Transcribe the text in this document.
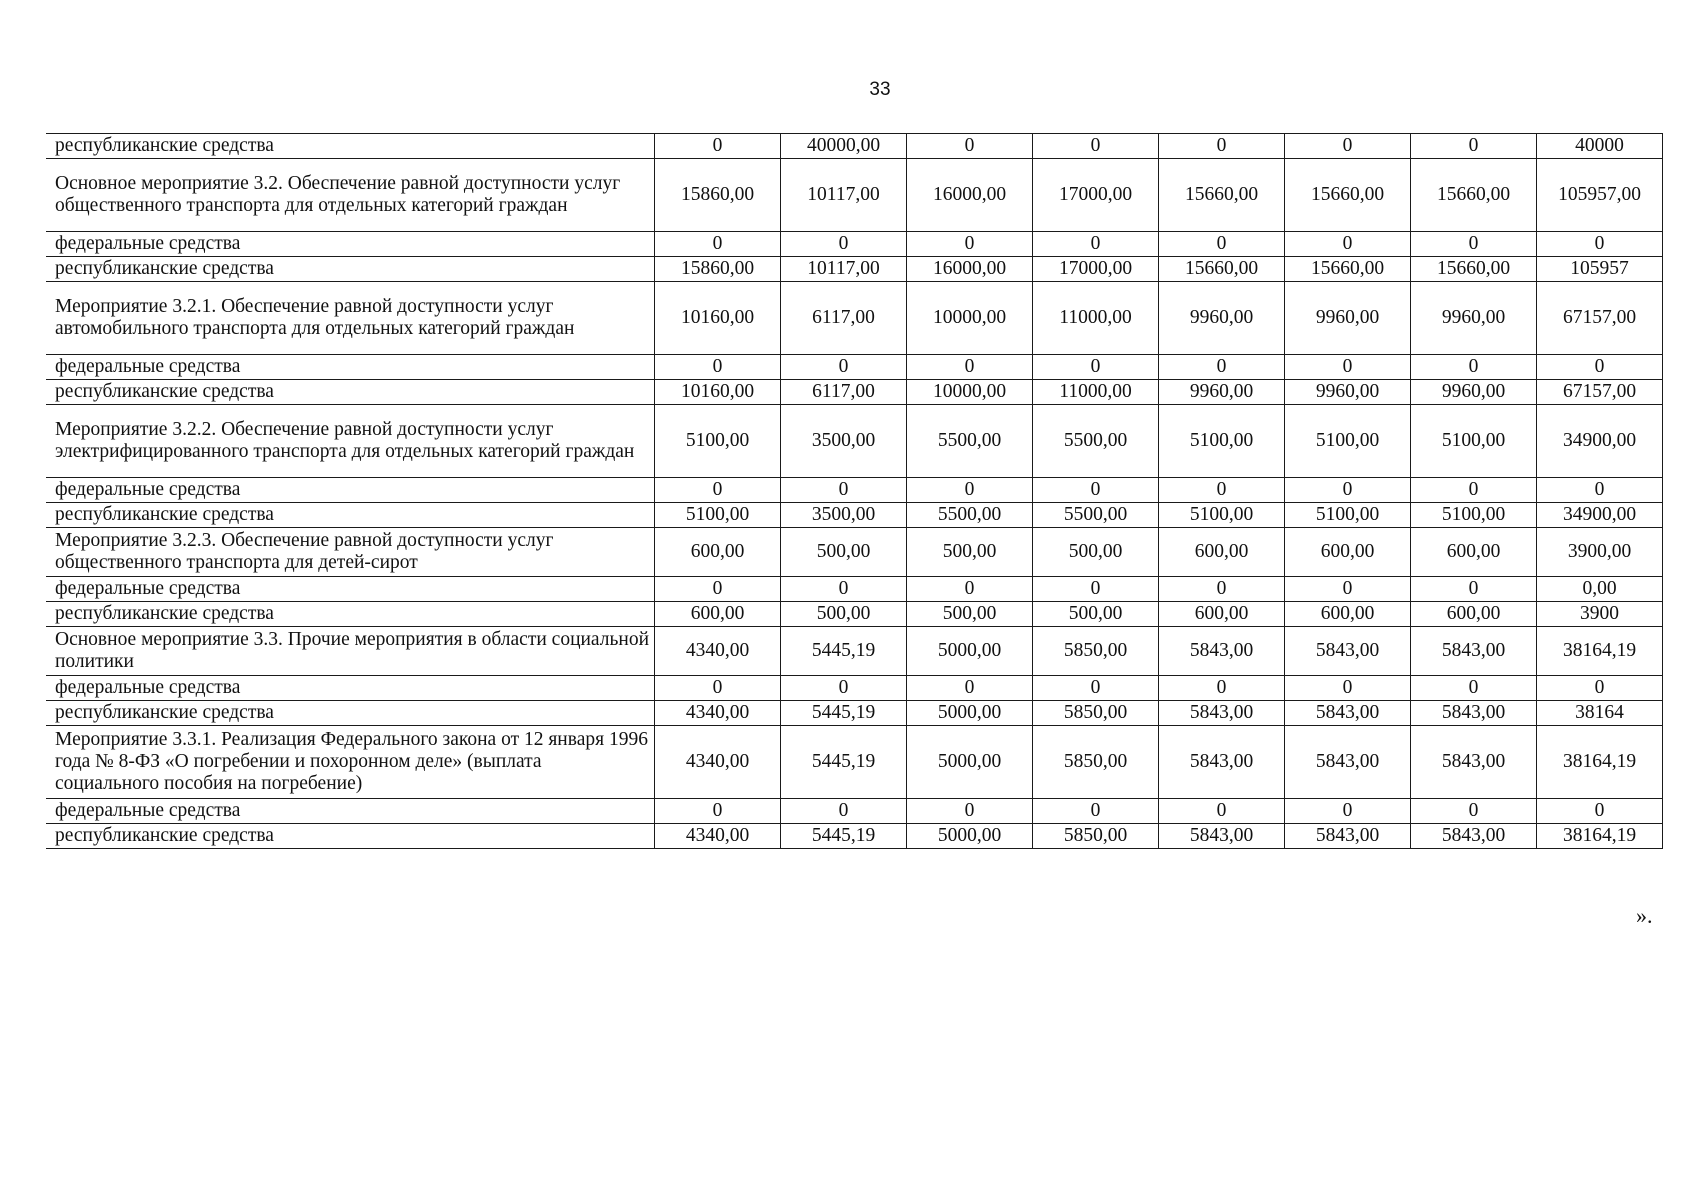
33
республиканские средства	0	40000,00	0	0	0	0	0	40000
Основное мероприятие 3.2. Обеспечение равной доступности услуг общественного транспорта для отдельных категорий граждан	15860,00	10117,00	16000,00	17000,00	15660,00	15660,00	15660,00	105957,00
федеральные средства	0	0	0	0	0	0	0	0
республиканские средства	15860,00	10117,00	16000,00	17000,00	15660,00	15660,00	15660,00	105957
Мероприятие 3.2.1. Обеспечение равной доступности услуг автомобильного транспорта для отдельных категорий граждан	10160,00	6117,00	10000,00	11000,00	9960,00	9960,00	9960,00	67157,00
федеральные средства	0	0	0	0	0	0	0	0
республиканские средства	10160,00	6117,00	10000,00	11000,00	9960,00	9960,00	9960,00	67157,00
Мероприятие 3.2.2. Обеспечение равной доступности услуг электрифицированного транспорта для отдельных категорий граждан	5100,00	3500,00	5500,00	5500,00	5100,00	5100,00	5100,00	34900,00
федеральные средства	0	0	0	0	0	0	0	0
республиканские средства	5100,00	3500,00	5500,00	5500,00	5100,00	5100,00	5100,00	34900,00
Мероприятие 3.2.3. Обеспечение равной доступности услуг общественного транспорта для детей-сирот	600,00	500,00	500,00	500,00	600,00	600,00	600,00	3900,00
федеральные средства	0	0	0	0	0	0	0	0,00
республиканские средства	600,00	500,00	500,00	500,00	600,00	600,00	600,00	3900
Основное мероприятие 3.3. Прочие мероприятия в области социальной политики	4340,00	5445,19	5000,00	5850,00	5843,00	5843,00	5843,00	38164,19
федеральные средства	0	0	0	0	0	0	0	0
республиканские средства	4340,00	5445,19	5000,00	5850,00	5843,00	5843,00	5843,00	38164
Мероприятие 3.3.1. Реализация Федерального закона от 12 января 1996 года № 8-ФЗ «О погребении и похоронном деле» (выплата социального пособия на погребение)	4340,00	5445,19	5000,00	5850,00	5843,00	5843,00	5843,00	38164,19
федеральные средства	0	0	0	0	0	0	0	0
республиканские средства	4340,00	5445,19	5000,00	5850,00	5843,00	5843,00	5843,00	38164,19
».
